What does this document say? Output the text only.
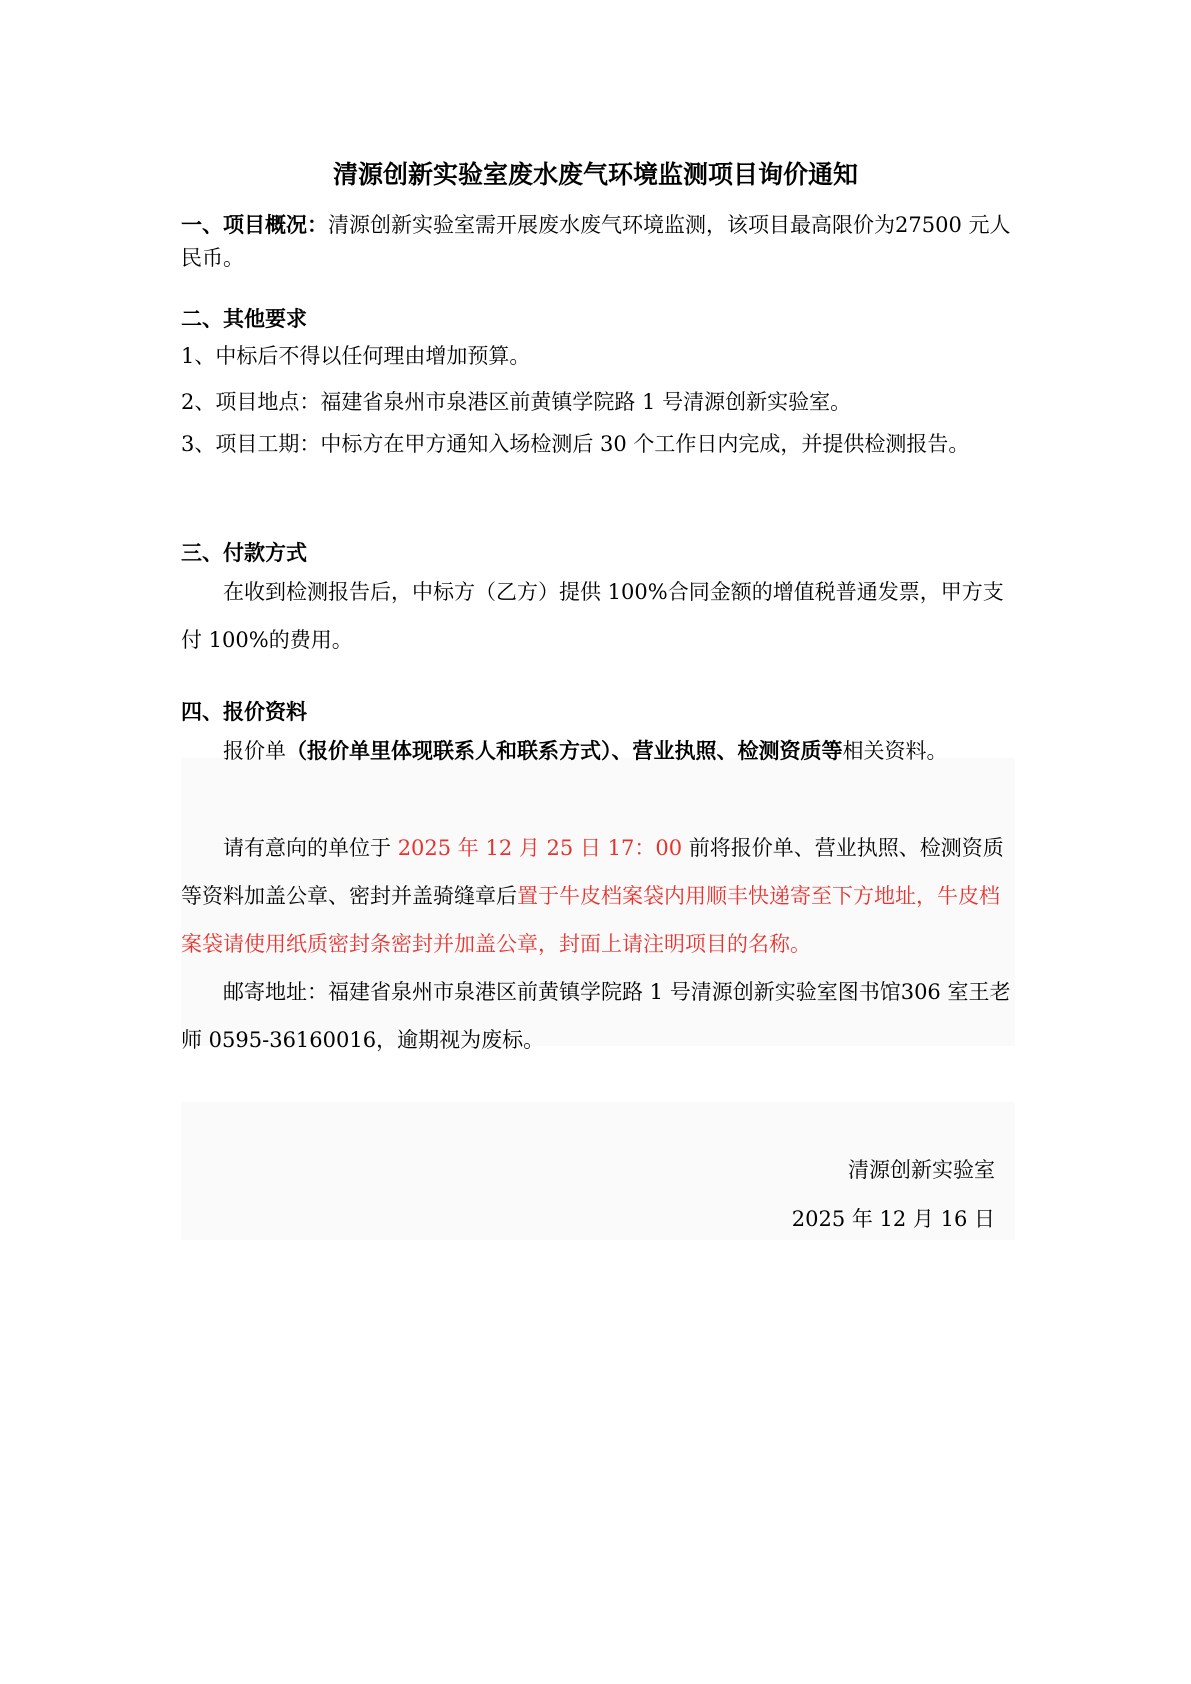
清源创新实验室废水废气环境监测项目询价通知
一、项目概况：清源创新实验室需开展废水废气环境监测，该项目最高限价为27500 元人民币。
二、其他要求
1、中标后不得以任何理由增加预算。
2、项目地点：福建省泉州市泉港区前黄镇学院路 1 号清源创新实验室。
3、项目工期：中标方在甲方通知入场检测后 30 个工作日内完成，并提供检测报告。
三、付款方式
在收到检测报告后，中标方（乙方）提供 100%合同金额的增值税普通发票，甲方支付 100%的费用。
四、报价资料
报价单（报价单里体现联系人和联系方式）、营业执照、检测资质等相关资料。
请有意向的单位于 2025 年 12 月 25 日 17：00 前将报价单、营业执照、检测资质等资料加盖公章、密封并盖骑缝章后置于牛皮档案袋内用顺丰快递寄至下方地址，牛皮档案袋请使用纸质密封条密封并加盖公章，封面上请注明项目的名称。
邮寄地址：福建省泉州市泉港区前黄镇学院路 1 号清源创新实验室图书馆306 室王老师 0595-36160016，逾期视为废标。
清源创新实验室
2025 年 12 月 16 日
